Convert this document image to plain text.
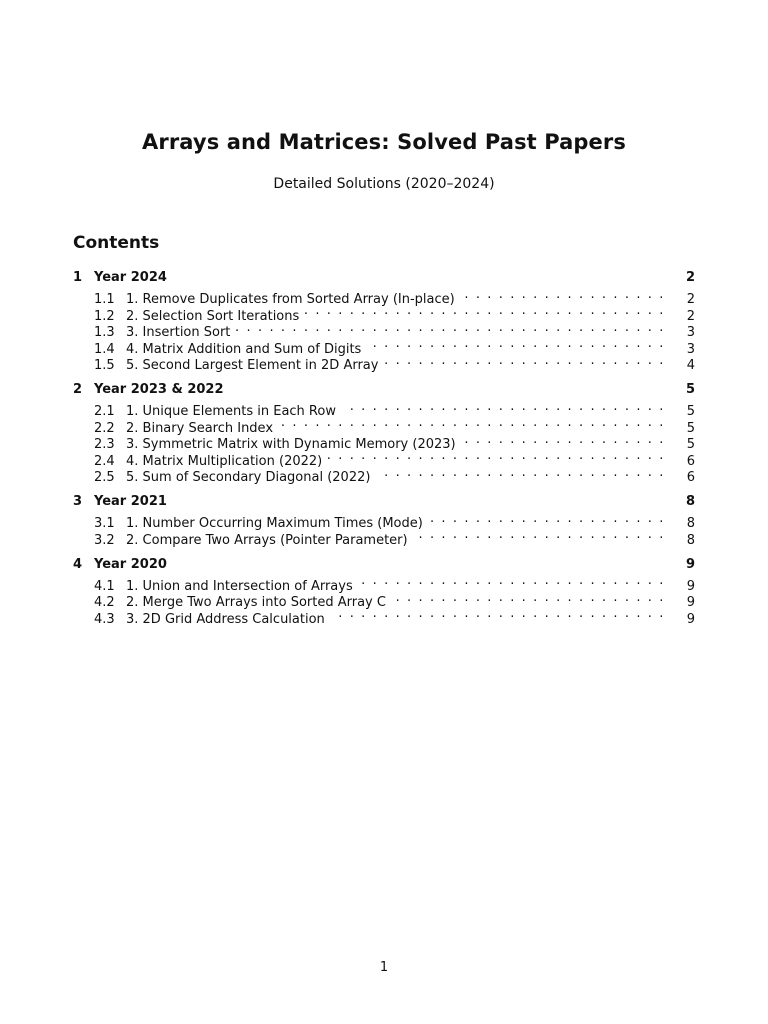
Arrays and Matrices: Solved Past Papers
Detailed Solutions (2020–2024)
Contents
1 Year 2024	2
1.1 1. Remove Duplicates from Sorted Array (In-place) . . .	2
1.2 2. Selection Sort Iterations . . .	2
1.3 3. Insertion Sort . . .	3
1.4 4. Matrix Addition and Sum of Digits . . .	3
1.5 5. Second Largest Element in 2D Array . . .	4
2 Year 2023 & 2022	5
2.1 1. Unique Elements in Each Row . . .	5
2.2 2. Binary Search Index . . .	5
2.3 3. Symmetric Matrix with Dynamic Memory (2023) . . .	5
2.4 4. Matrix Multiplication (2022) . . .	6
2.5 5. Sum of Secondary Diagonal (2022) . . .	6
3 Year 2021	8
3.1 1. Number Occurring Maximum Times (Mode) . . .	8
3.2 2. Compare Two Arrays (Pointer Parameter) . . .	8
4 Year 2020	9
4.1 1. Union and Intersection of Arrays . . .	9
4.2 2. Merge Two Arrays into Sorted Array C . . .	9
4.3 3. 2D Grid Address Calculation . . .	9
1
